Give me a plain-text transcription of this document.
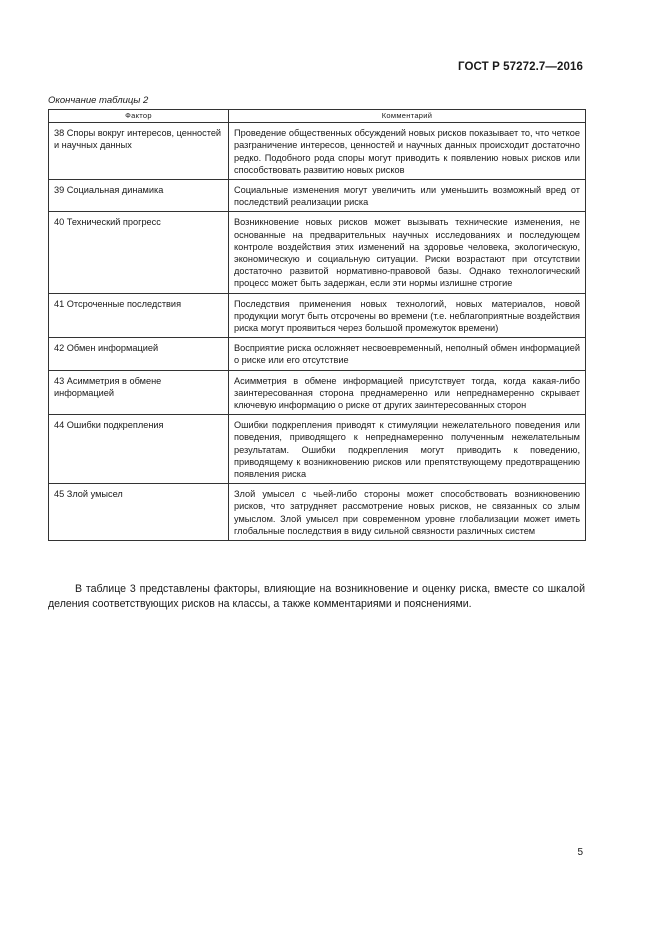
ГОСТ Р 57272.7—2016
Окончание таблицы 2
Фактор	Комментарий
38 Споры вокруг интересов, ценностей и научных данных	Проведение общественных обсуждений новых рисков показывает то, что четкое разграничение интересов, ценностей и научных данных происходит достаточно редко. Подобного рода споры могут приводить к появлению новых рисков или способствовать развитию новых рисков
39 Социальная динамика	Социальные изменения могут увеличить или уменьшить возможный вред от последствий реализации риска
40 Технический прогресс	Возникновение новых рисков может вызывать технические изменения, не основанные на предварительных научных исследованиях и последующем контроле воздействия этих изменений на здоровье человека, экологическую, экономическую и социальную ситуации. Риски возрастают при отсутствии достаточно развитой нормативно-правовой базы. Однако технологический процесс может быть задержан, если эти нормы излишне строгие
41 Отсроченные последствия	Последствия применения новых технологий, новых материалов, новой продукции могут быть отсрочены во времени (т.е. неблагоприятные воздействия риска могут проявиться через большой промежуток времени)
42 Обмен информацией	Восприятие риска осложняет несвоевременный, неполный обмен информацией о риске или его отсутствие
43 Асимметрия в обмене информацией	Асимметрия в обмене информацией присутствует тогда, когда какая-либо заинтересованная сторона преднамеренно или непреднамеренно скрывает ключевую информацию о риске от других заинтересованных сторон
44 Ошибки подкрепления	Ошибки подкрепления приводят к стимуляции нежелательного поведения или поведения, приводящего к непреднамеренно полученным нежелательным результатам. Ошибки подкрепления могут приводить к поведению, приводящему к возникновению рисков или препятствующему предотвращению появления риска
45 Злой умысел	Злой умысел с чьей-либо стороны может способствовать возникновению рисков, что затрудняет рассмотрение новых рисков, не связанных со злым умыслом. Злой умысел при современном уровне глобализации может иметь глобальные последствия в виду сильной связности различных систем

В таблице 3 представлены факторы, влияющие на возникновение и оценку риска, вместе со шкалой деления соответствующих рисков на классы, а также комментариями и пояснениями.

5
